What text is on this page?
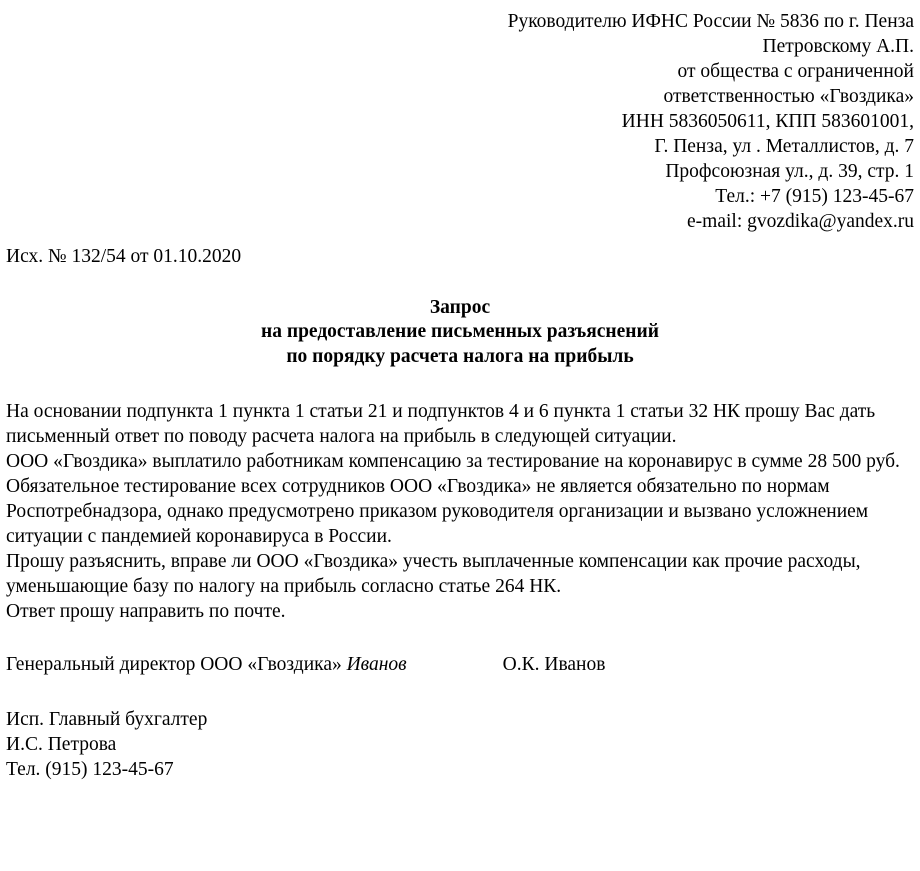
Руководителю ИФНС России № 5836 по г. Пенза
Петровскому А.П.
от общества с ограниченной
ответственностью «Гвоздика»
ИНН 5836050611, КПП 583601001,
Г. Пенза, ул . Металлистов, д. 7
Профсоюзная ул., д. 39, стр. 1
Тел.: +7 (915) 123-45-67
e-mail: gvozdika@yandex.ru
Исх. № 132/54 от 01.10.2020
Запрос
на предоставление письменных разъяснений
по порядку расчета налога на прибыль

На основании подпункта 1 пункта 1 статьи 21 и подпунктов 4 и 6 пункта 1 статьи 32 НК прошу Вас дать письменный ответ по поводу расчета налога на прибыль в следующей ситуации.

ООО «Гвоздика» выплатило работникам компенсацию за тестирование на коронавирус в сумме 28 500 руб. Обязательное тестирование всех сотрудников ООО «Гвоздика» не является обязательно по нормам Роспотребнадзора, однако предусмотрено приказом руководителя организации и вызвано усложнением ситуации с пандемией коронавируса в России.

Прошу разъяснить, вправе ли ООО «Гвоздика» учесть выплаченные компенсации как прочие расходы, уменьшающие базу по налогу на прибыль согласно статье 264 НК.

Ответ прошу направить по почте.

Генеральный директор ООО «Гвоздика» Иванов	О.К. Иванов
Исп. Главный бухгалтер
И.С. Петрова
Тел. (915) 123-45-67
